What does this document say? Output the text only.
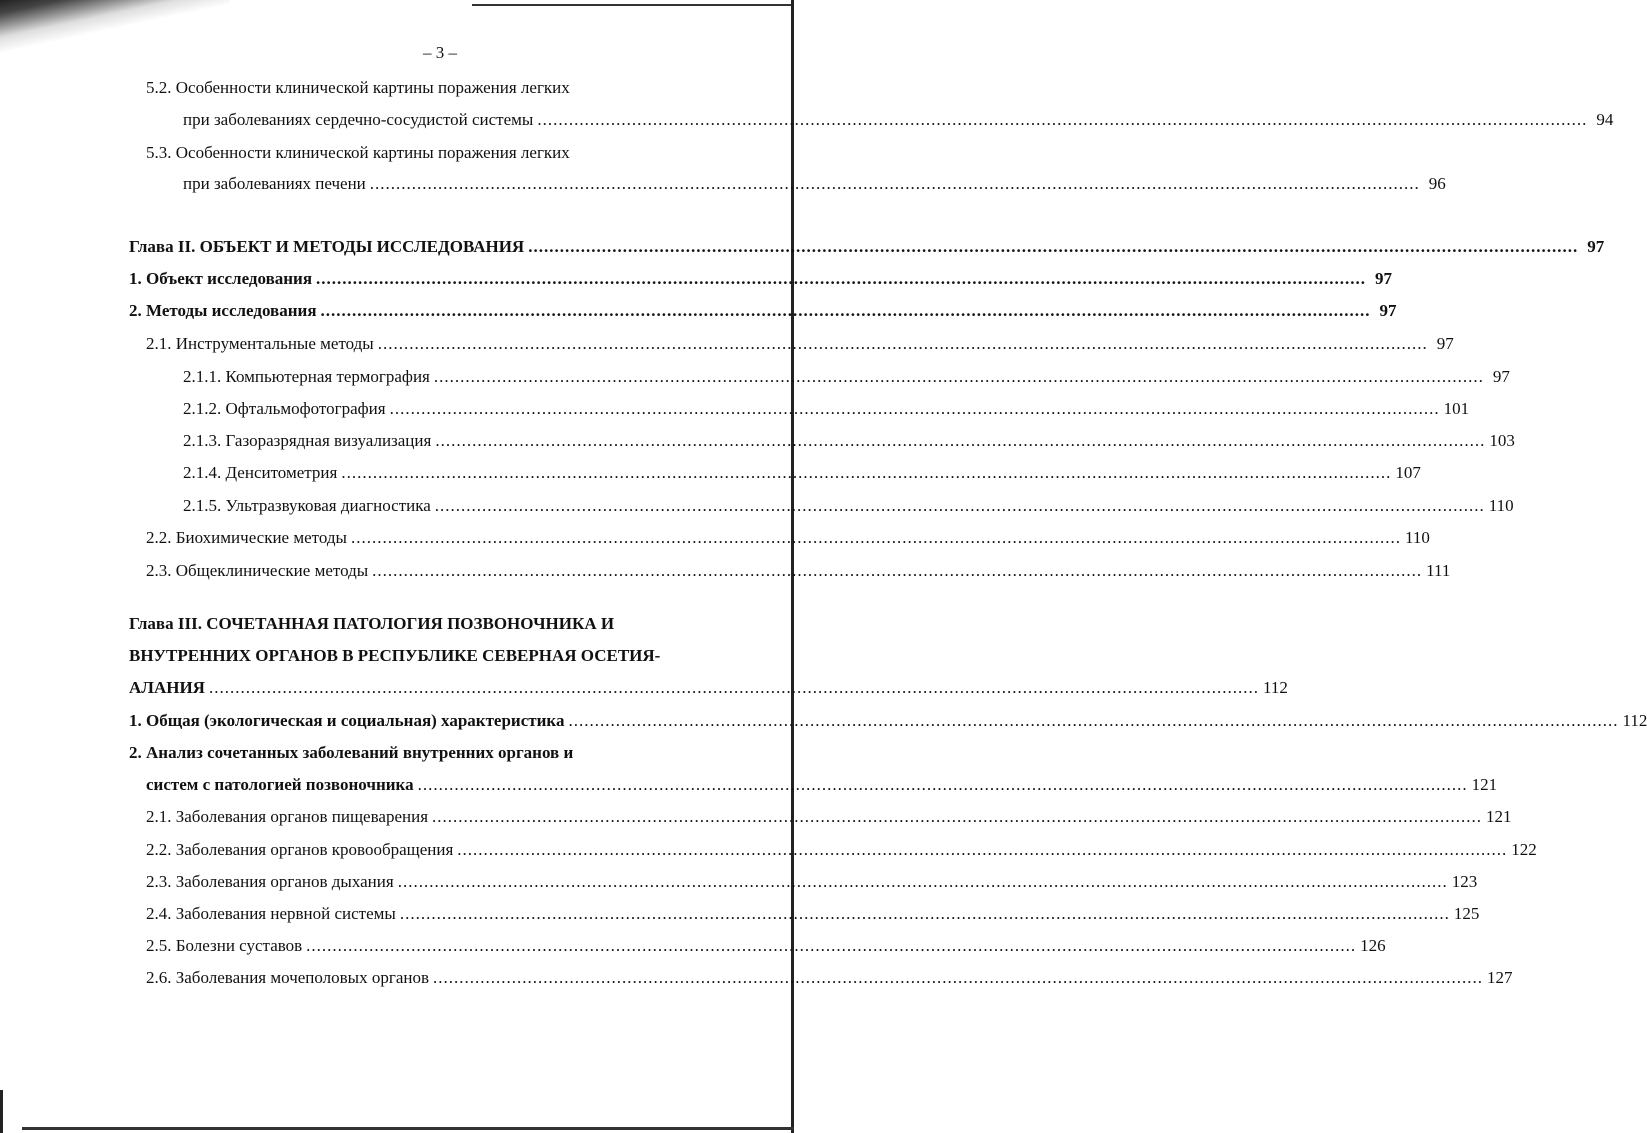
– 3 –
5.2. Особенности клинической картины поражения легких
при заболеваниях сердечно-сосудистой системы ........................................................................................................................................................................................................ 94
5.3. Особенности клинической картины поражения легких
при заболеваниях печени ........................................................................................................................................................................................................ 96
Глава II. ОБЪЕКТ И МЕТОДЫ ИССЛЕДОВАНИЯ ........................................................................................................................................................................................................ 97
1. Объект исследования ........................................................................................................................................................................................................ 97
2. Методы исследования ........................................................................................................................................................................................................ 97
2.1. Инструментальные методы ........................................................................................................................................................................................................ 97
2.1.1. Компьютерная термография ........................................................................................................................................................................................................ 97
2.1.2. Офтальмофотография ........................................................................................................................................................................................................ 101
2.1.3. Газоразрядная визуализация ........................................................................................................................................................................................................ 103
2.1.4. Денситометрия ........................................................................................................................................................................................................ 107
2.1.5. Ультразвуковая диагностика ........................................................................................................................................................................................................ 110
2.2. Биохимические методы ........................................................................................................................................................................................................ 110
2.3. Общеклинические методы ........................................................................................................................................................................................................ 111
Глава III. СОЧЕТАННАЯ ПАТОЛОГИЯ ПОЗВОНОЧНИКА И
ВНУТРЕННИХ ОРГАНОВ В РЕСПУБЛИКЕ СЕВЕРНАЯ ОСЕТИЯ-
АЛАНИЯ ........................................................................................................................................................................................................ 112
1. Общая (экологическая и социальная) характеристика ........................................................................................................................................................................................................ 112
2. Анализ сочетанных заболеваний внутренних органов и
систем с патологией позвоночника ........................................................................................................................................................................................................ 121
2.1. Заболевания органов пищеварения ........................................................................................................................................................................................................ 121
2.2. Заболевания органов кровообращения ........................................................................................................................................................................................................ 122
2.3. Заболевания органов дыхания ........................................................................................................................................................................................................ 123
2.4. Заболевания нервной системы ........................................................................................................................................................................................................ 125
2.5. Болезни суставов ........................................................................................................................................................................................................ 126
2.6. Заболевания мочеполовых органов ........................................................................................................................................................................................................ 127
